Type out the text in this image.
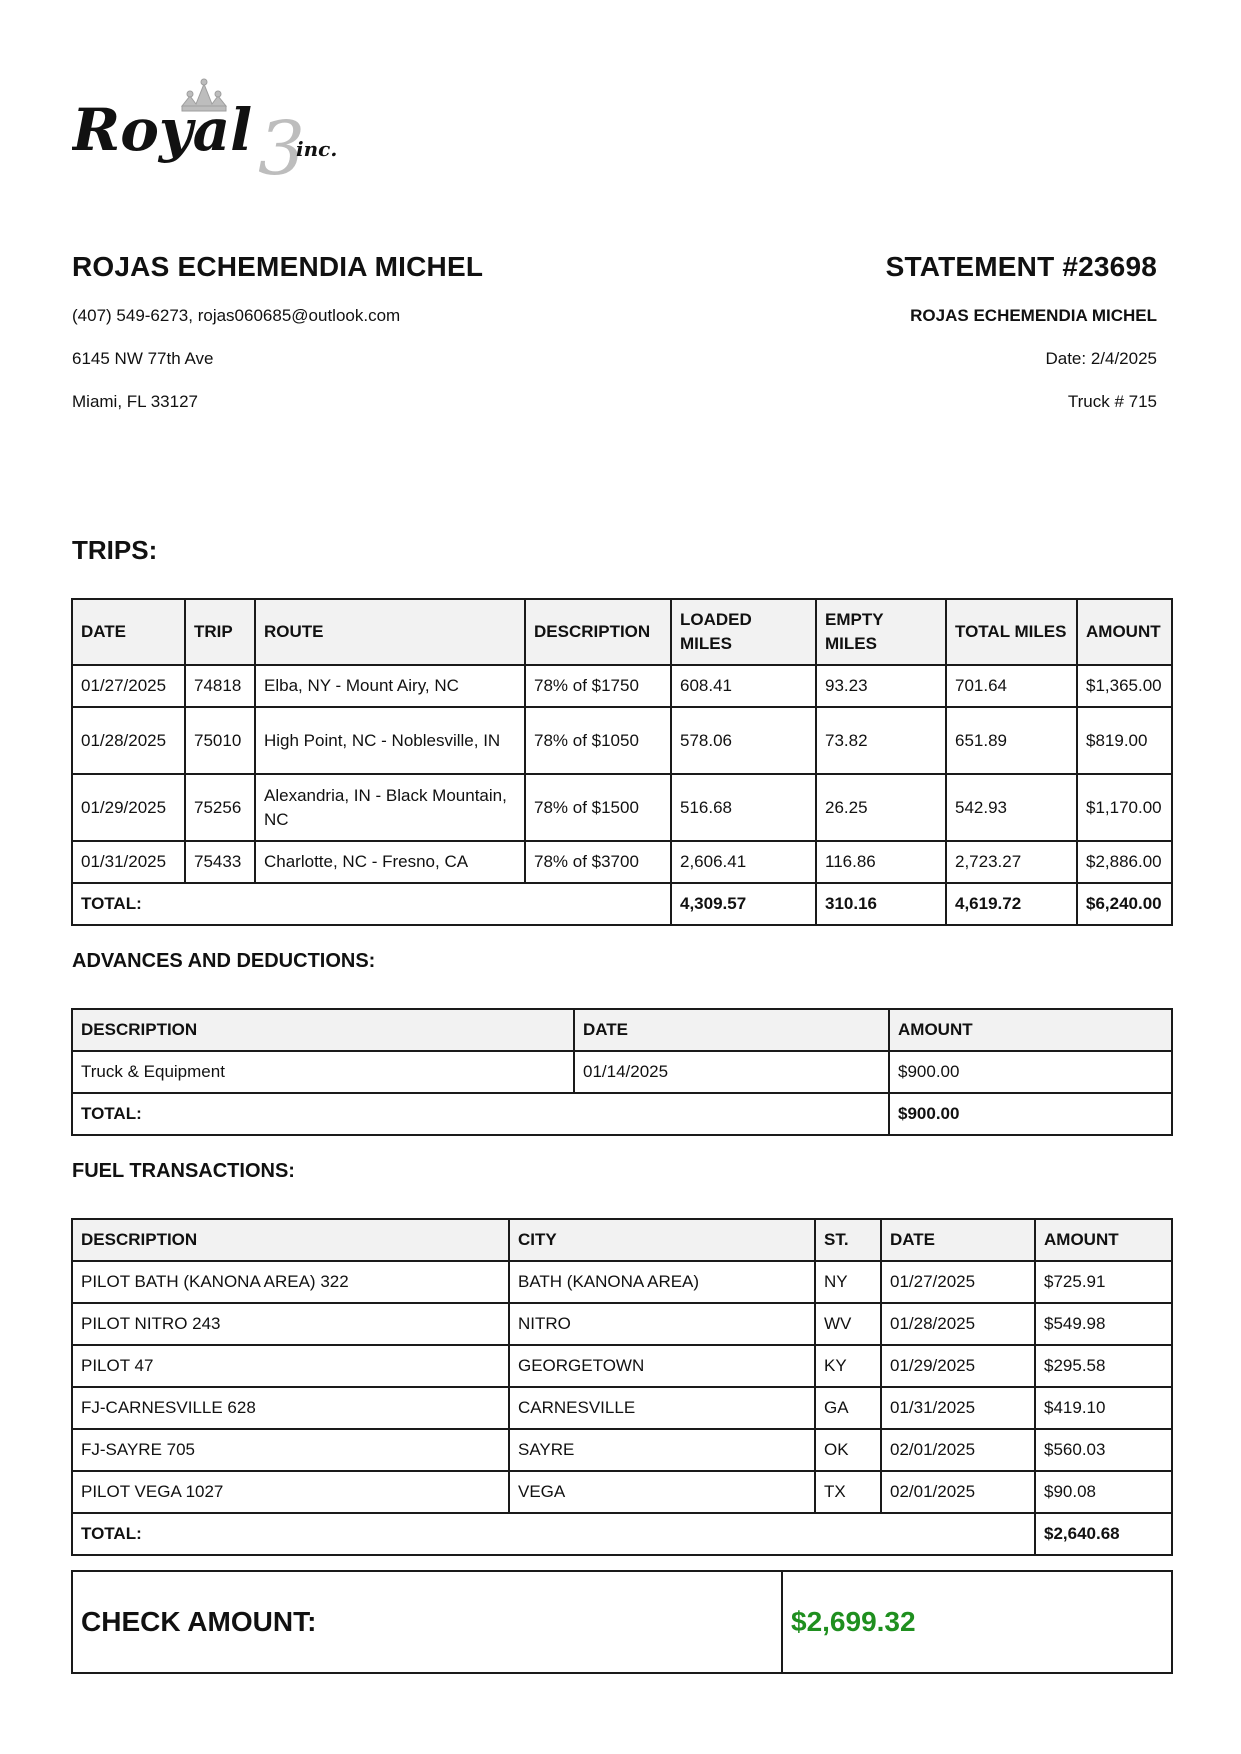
Royal 3
inc.
ROJAS ECHEMENDIA MICHEL
(407) 549-6273, rojas060685@outlook.com
6145 NW 77th Ave
Miami, FL 33127
STATEMENT #23698
ROJAS ECHEMENDIA MICHEL
Date: 2/4/2025
Truck # 715
TRIPS:
DATE	TRIP	ROUTE	DESCRIPTION	LOADED MILES	EMPTY MILES	TOTAL MILES	AMOUNT
01/27/2025	74818	Elba, NY - Mount Airy, NC	78% of $1750	608.41	93.23	701.64	$1,365.00
01/28/2025	75010	High Point, NC - Noblesville, IN	78% of $1050	578.06	73.82	651.89	$819.00
01/29/2025	75256	Alexandria, IN - Black Mountain, NC	78% of $1500	516.68	26.25	542.93	$1,170.00
01/31/2025	75433	Charlotte, NC - Fresno, CA	78% of $3700	2,606.41	116.86	2,723.27	$2,886.00
TOTAL:				4,309.57	310.16	4,619.72	$6,240.00
ADVANCES AND DEDUCTIONS:
DESCRIPTION	DATE	AMOUNT
Truck & Equipment	01/14/2025	$900.00
TOTAL:		$900.00
FUEL TRANSACTIONS:
DESCRIPTION	CITY	ST.	DATE	AMOUNT
PILOT BATH (KANONA AREA) 322	BATH (KANONA AREA)	NY	01/27/2025	$725.91
PILOT NITRO 243	NITRO	WV	01/28/2025	$549.98
PILOT 47	GEORGETOWN	KY	01/29/2025	$295.58
FJ-CARNESVILLE 628	CARNESVILLE	GA	01/31/2025	$419.10
FJ-SAYRE 705	SAYRE	OK	02/01/2025	$560.03
PILOT VEGA 1027	VEGA	TX	02/01/2025	$90.08
TOTAL:				$2,640.68
CHECK AMOUNT:	$2,699.32
